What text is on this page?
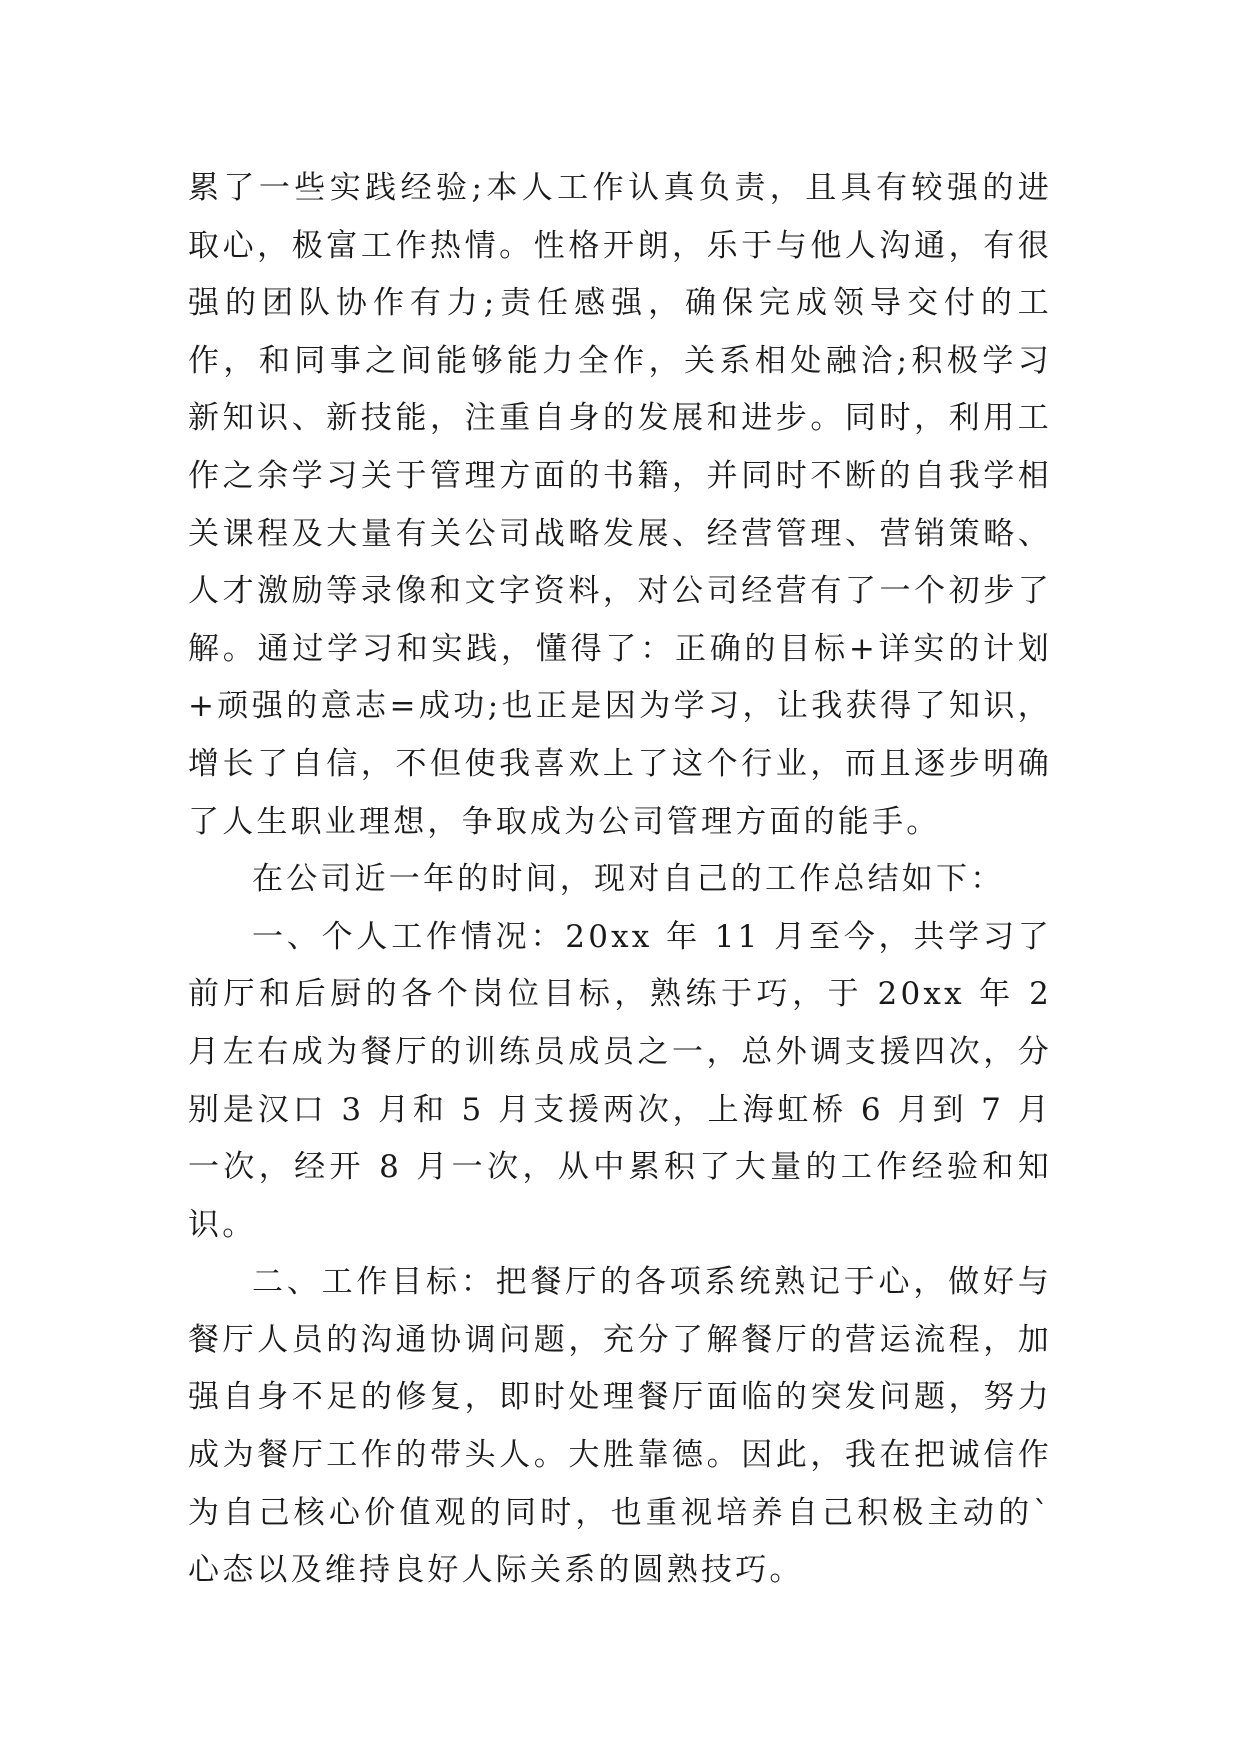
累了一些实践经验;本人工作认真负责，且具有较强的进取心，极富工作热情。性格开朗，乐于与他人沟通，有很强的团队协作有力;责任感强，确保完成领导交付的工作，和同事之间能够能力全作，关系相处融洽;积极学习新知识、新技能，注重自身的发展和进步。同时，利用工作之余学习关于管理方面的书籍，并同时不断的自我学相关课程及大量有关公司战略发展、经营管理、营销策略、人才激励等录像和文字资料，对公司经营有了一个初步了解。通过学习和实践，懂得了：正确的目标+详实的计划+顽强的意志=成功;也正是因为学习，让我获得了知识，增长了自信，不但使我喜欢上了这个行业，而且逐步明确了人生职业理想，争取成为公司管理方面的能手。

在公司近一年的时间，现对自己的工作总结如下：

一、个人工作情况：20xx 年 11 月至今，共学习了前厅和后厨的各个岗位目标，熟练于巧，于 20xx 年 2 月左右成为餐厅的训练员成员之一，总外调支援四次，分别是汉口 3 月和 5 月支援两次，上海虹桥 6 月到 7 月一次，经开 8 月一次，从中累积了大量的工作经验和知识。

二、工作目标：把餐厅的各项系统熟记于心，做好与餐厅人员的沟通协调问题，充分了解餐厅的营运流程，加强自身不足的修复，即时处理餐厅面临的突发问题，努力成为餐厅工作的带头人。大胜靠德。因此，我在把诚信作为自己核心价值观的同时，也重视培养自己积极主动的`心态以及维持良好人际关系的圆熟技巧。
